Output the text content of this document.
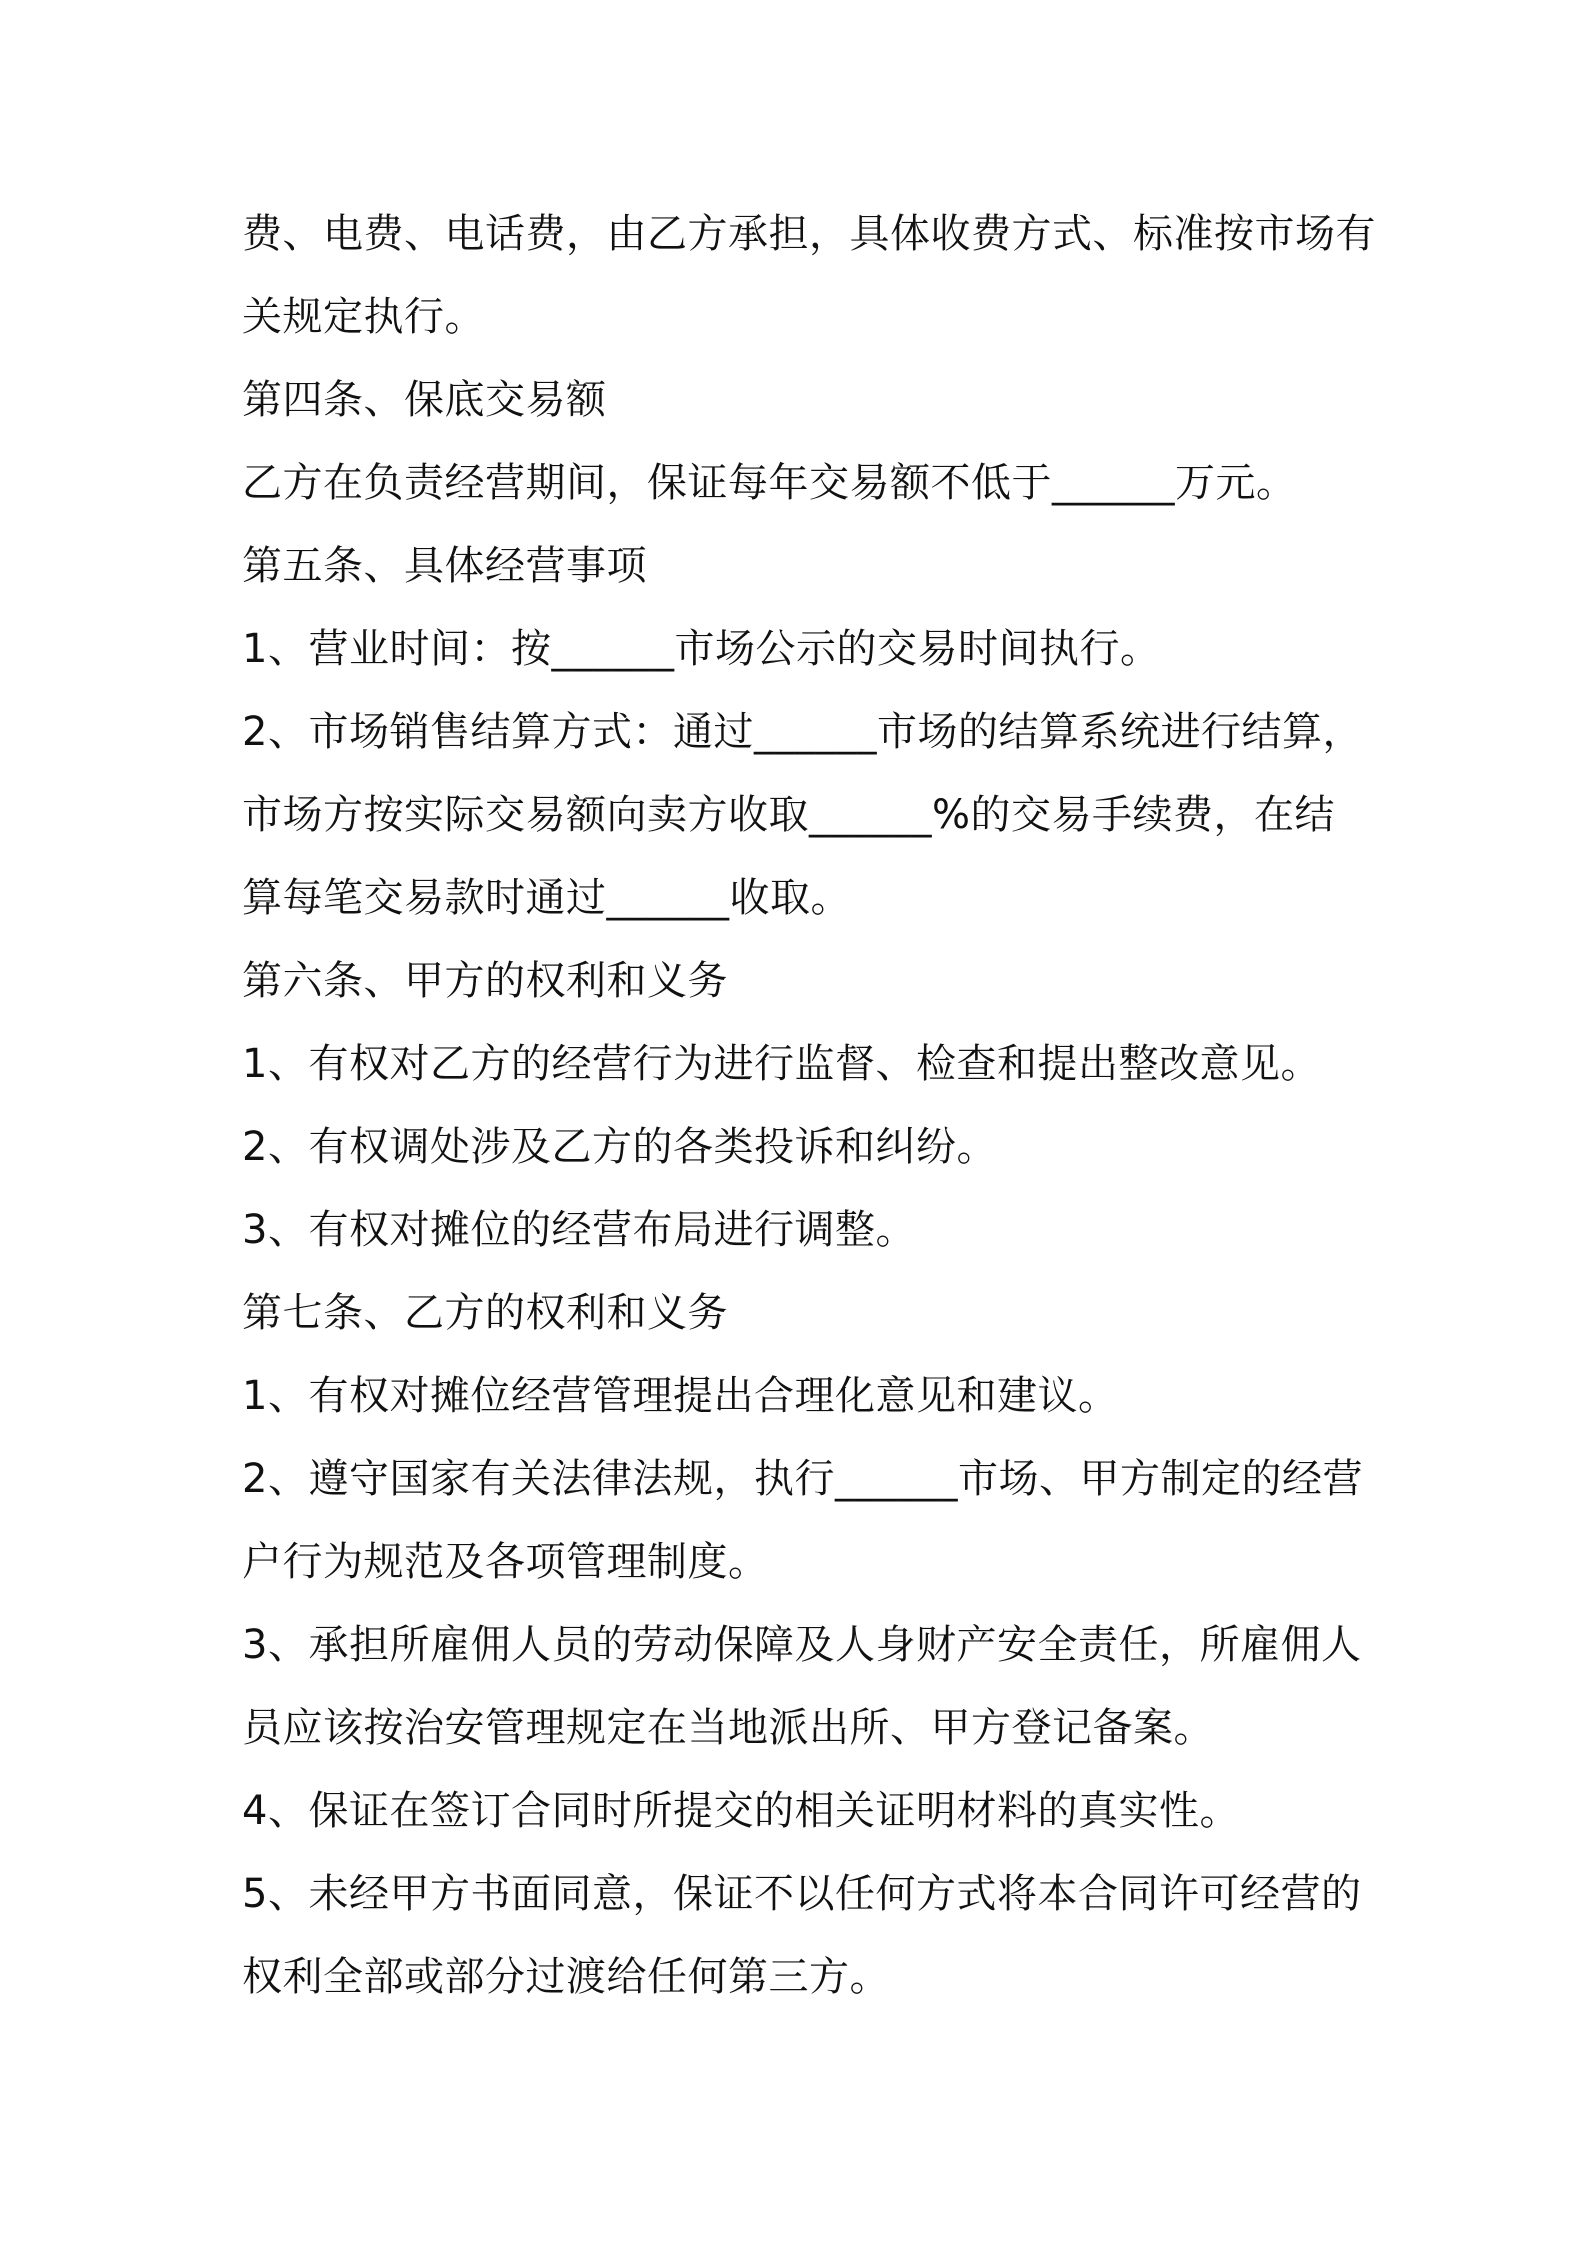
费、电费、电话费，由乙方承担，具体收费方式、标准按市场有
关规定执行。
第四条、保底交易额
乙方在负责经营期间，保证每年交易额不低于______万元。
第五条、具体经营事项
1、营业时间：按______市场公示的交易时间执行。
2、市场销售结算方式：通过______市场的结算系统进行结算，
市场方按实际交易额向卖方收取______%的交易手续费，在结
算每笔交易款时通过______收取。
第六条、甲方的权利和义务
1、有权对乙方的经营行为进行监督、检查和提出整改意见。
2、有权调处涉及乙方的各类投诉和纠纷。
3、有权对摊位的经营布局进行调整。
第七条、乙方的权利和义务
1、有权对摊位经营管理提出合理化意见和建议。
2、遵守国家有关法律法规，执行______市场、甲方制定的经营
户行为规范及各项管理制度。
3、承担所雇佣人员的劳动保障及人身财产安全责任，所雇佣人
员应该按治安管理规定在当地派出所、甲方登记备案。
4、保证在签订合同时所提交的相关证明材料的真实性。
5、未经甲方书面同意，保证不以任何方式将本合同许可经营的
权利全部或部分过渡给任何第三方。
